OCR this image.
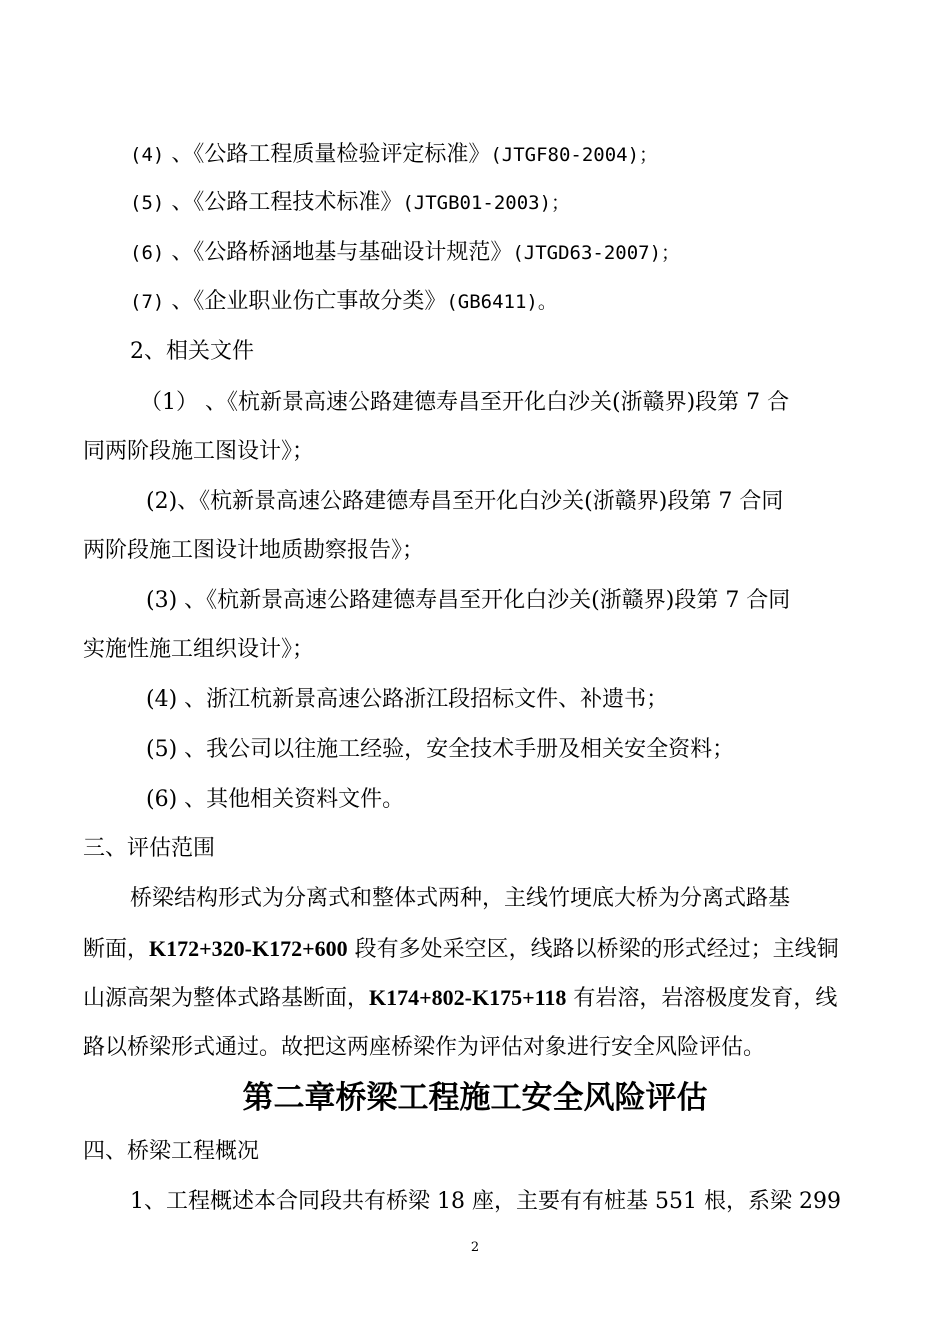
(4) 、《公路工程质量检验评定标准》(JTGF80-2004)；
(5) 、《公路工程技术标准》(JTGB01-2003)；
(6) 、《公路桥涵地基与基础设计规范》(JTGD63-2007)；
(7) 、《企业职业伤亡事故分类》(GB6411)。
2、相关文件
（1） 、《杭新景高速公路建德寿昌至开化白沙关(浙赣界)段第 7 合
同两阶段施工图设计》；
(2)、《杭新景高速公路建德寿昌至开化白沙关(浙赣界)段第 7 合同
两阶段施工图设计地质勘察报告》；
(3) 、《杭新景高速公路建德寿昌至开化白沙关(浙赣界)段第 7 合同
实施性施工组织设计》；
(4) 、浙江杭新景高速公路浙江段招标文件、补遗书；
(5) 、我公司以往施工经验，安全技术手册及相关安全资料；
(6) 、其他相关资料文件。
三、评估范围
桥梁结构形式为分离式和整体式两种，主线竹埂底大桥为分离式路基
断面，K172+320-K172+600 段有多处采空区，线路以桥梁的形式经过；主线铜
山源高架为整体式路基断面，K174+802-K175+118 有岩溶，岩溶极度发育，线
路以桥梁形式通过。故把这两座桥梁作为评估对象进行安全风险评估。
第二章桥梁工程施工安全风险评估
四、桥梁工程概况
1、工程概述本合同段共有桥梁 18 座，主要有有桩基 551 根，系梁 299
2
